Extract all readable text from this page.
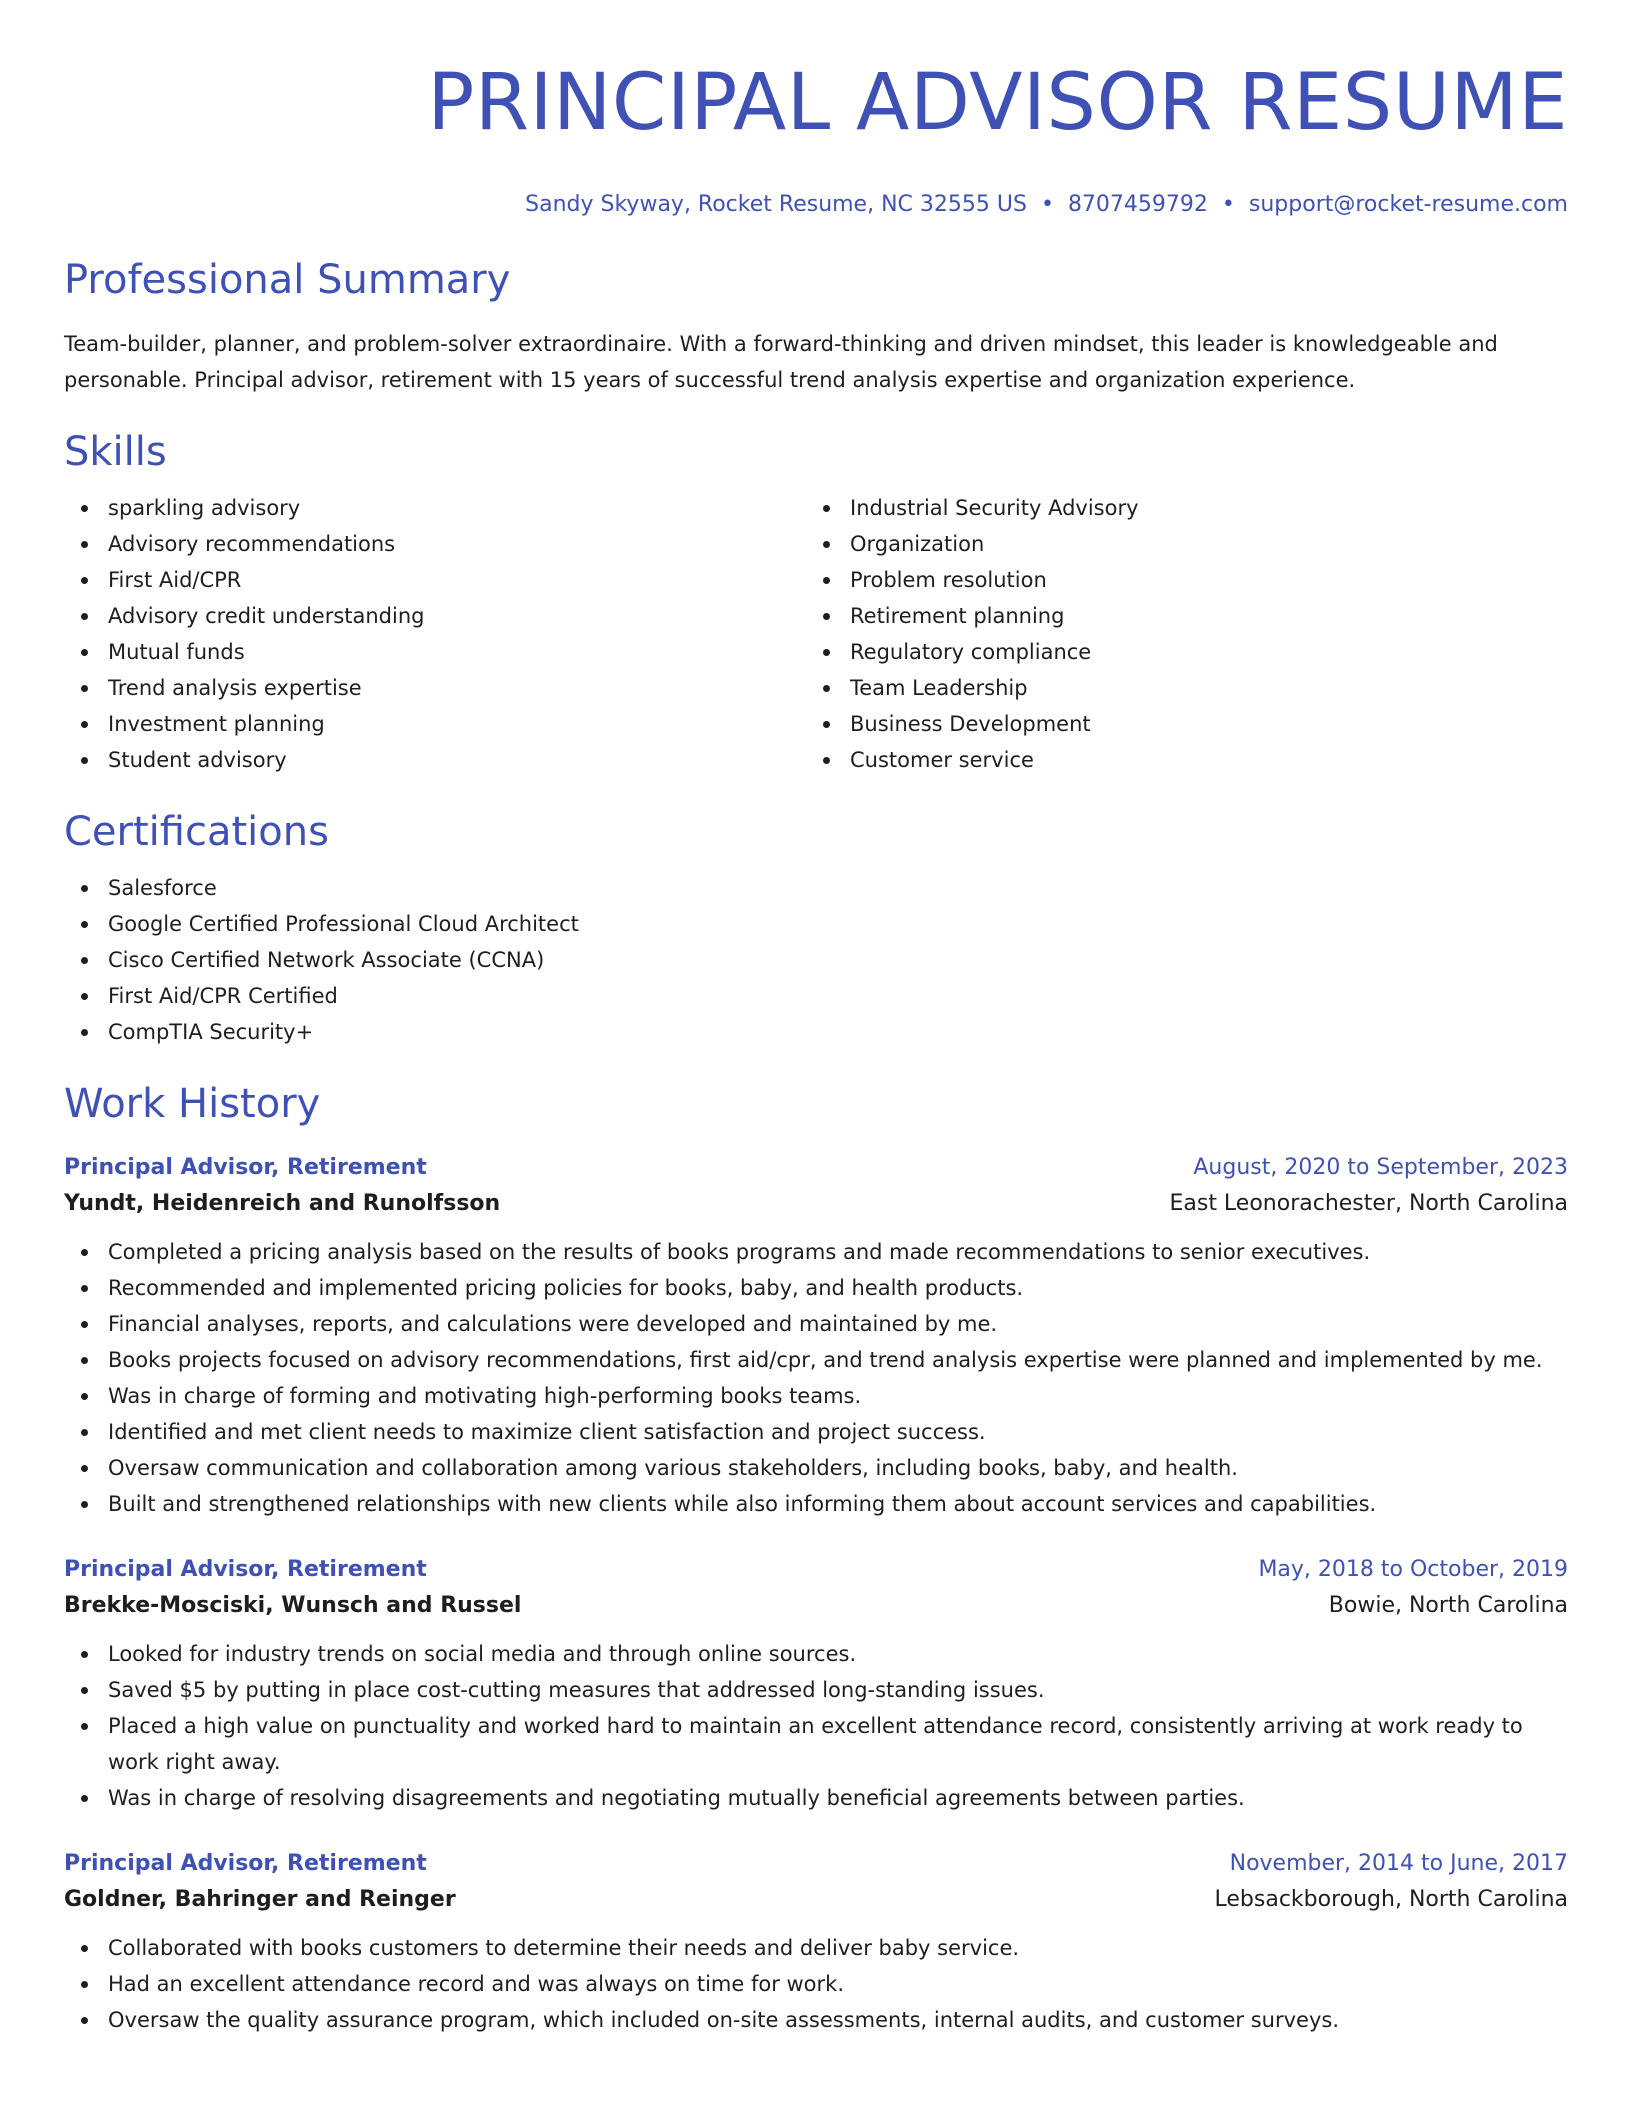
PRINCIPAL ADVISOR RESUME
Sandy Skyway, Rocket Resume, NC 32555 US • 8707459792 • support@rocket-resume.com
Professional Summary

Team-builder, planner, and problem-solver extraordinaire. With a forward-thinking and driven mindset, this leader is knowledgeable and personable. Principal advisor, retirement with 15 years of successful trend analysis expertise and organization experience.

Skills
sparkling advisory
Advisory recommendations
First Aid/CPR
Advisory credit understanding
Mutual funds
Trend analysis expertise
Investment planning
Student advisory
Industrial Security Advisory
Organization
Problem resolution
Retirement planning
Regulatory compliance
Team Leadership
Business Development
Customer service
Certifications
Salesforce
Google Certified Professional Cloud Architect
Cisco Certified Network Associate (CCNA)
First Aid/CPR Certified
CompTIA Security+
Work History
Principal Advisor, Retirement	August, 2020 to September, 2023
Yundt, Heidenreich and Runolfsson	East Leonorachester, North Carolina
Completed a pricing analysis based on the results of books programs and made recommendations to senior executives.
Recommended and implemented pricing policies for books, baby, and health products.
Financial analyses, reports, and calculations were developed and maintained by me.
Books projects focused on advisory recommendations, first aid/cpr, and trend analysis expertise were planned and implemented by me.
Was in charge of forming and motivating high-performing books teams.
Identified and met client needs to maximize client satisfaction and project success.
Oversaw communication and collaboration among various stakeholders, including books, baby, and health.
Built and strengthened relationships with new clients while also informing them about account services and capabilities.
Principal Advisor, Retirement	May, 2018 to October, 2019
Brekke-Mosciski, Wunsch and Russel	Bowie, North Carolina
Looked for industry trends on social media and through online sources.
Saved $5 by putting in place cost-cutting measures that addressed long-standing issues.
Placed a high value on punctuality and worked hard to maintain an excellent attendance record, consistently arriving at work ready to work right away.
Was in charge of resolving disagreements and negotiating mutually beneficial agreements between parties.
Principal Advisor, Retirement	November, 2014 to June, 2017
Goldner, Bahringer and Reinger	Lebsackborough, North Carolina
Collaborated with books customers to determine their needs and deliver baby service.
Had an excellent attendance record and was always on time for work.
Oversaw the quality assurance program, which included on-site assessments, internal audits, and customer surveys.
